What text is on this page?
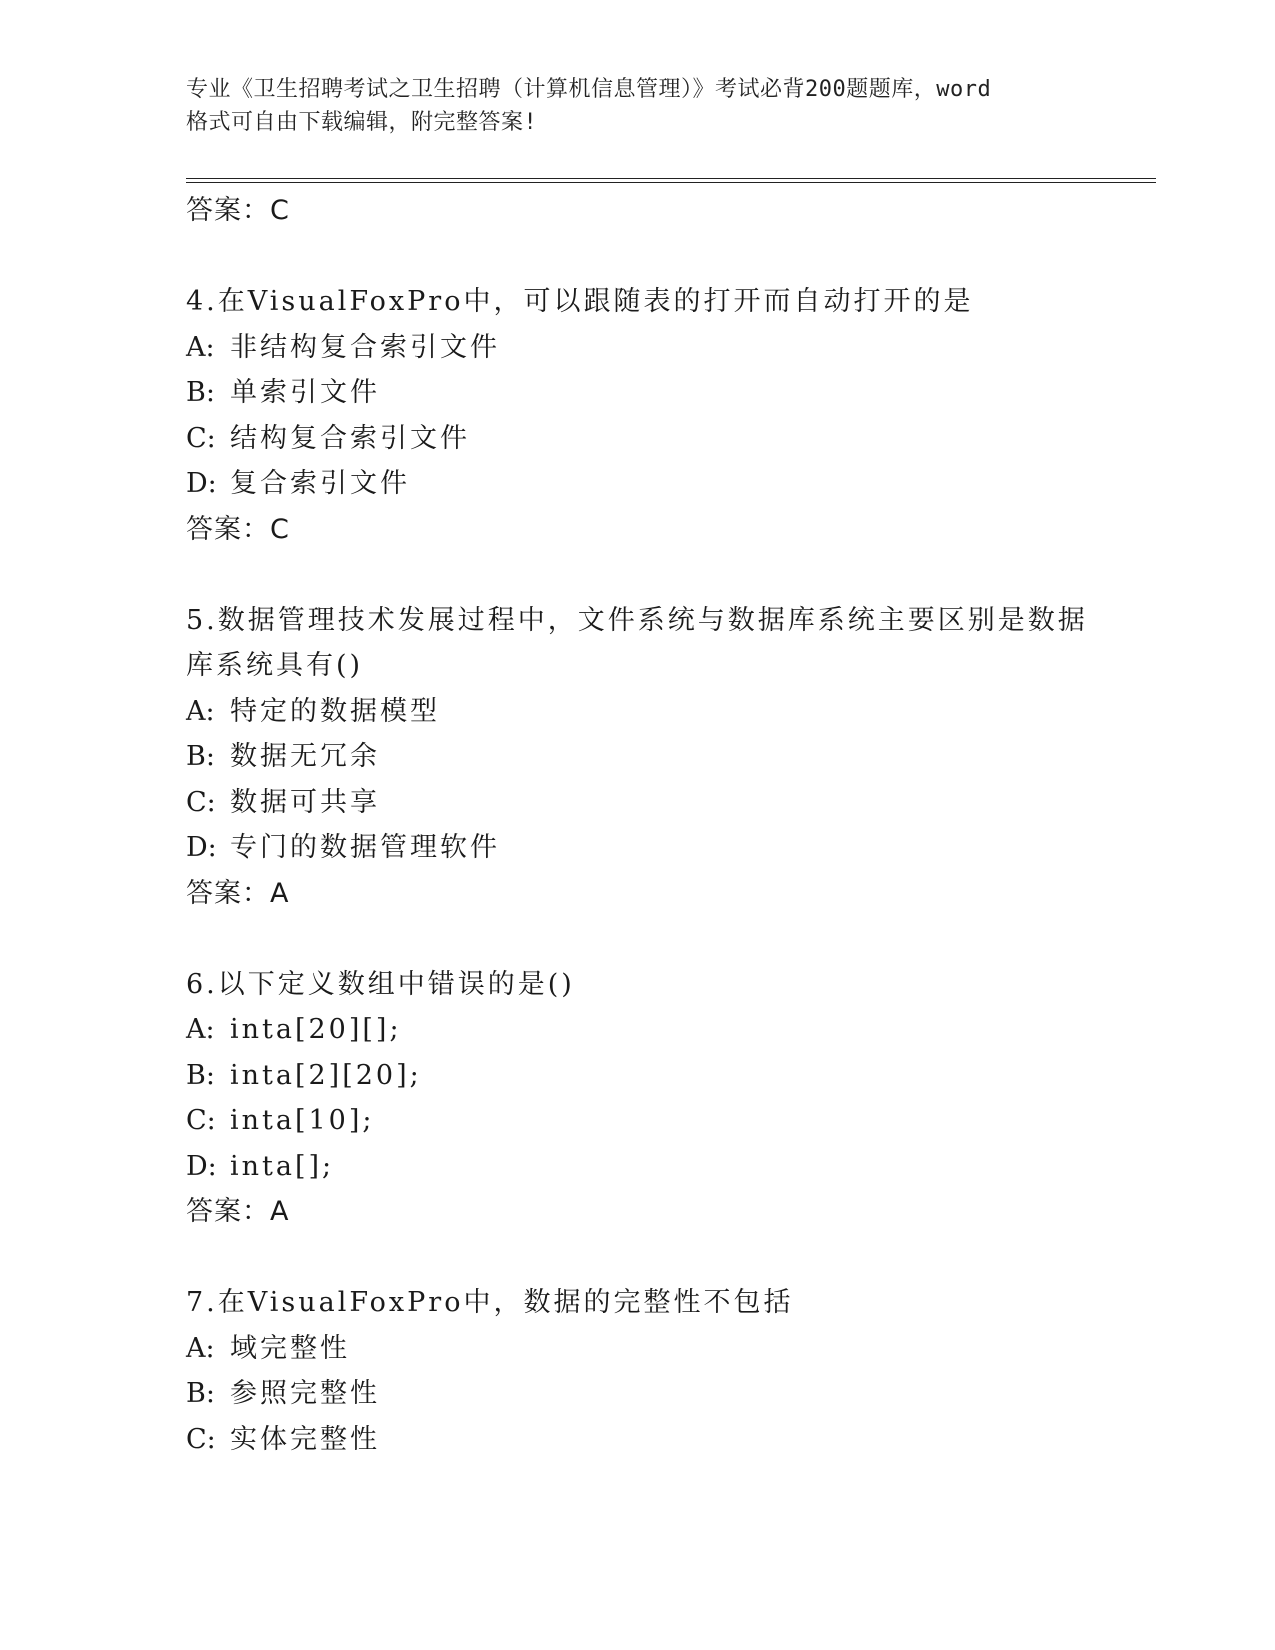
专业《卫生招聘考试之卫生招聘（计算机信息管理）》考试必背200题题库，word
格式可自由下载编辑，附完整答案!
答案：C
4.在VisualFoxPro中，可以跟随表的打开而自动打开的是
A: 非结构复合索引文件
B: 单索引文件
C: 结构复合索引文件
D: 复合索引文件
答案：C
5.数据管理技术发展过程中，文件系统与数据库系统主要区别是数据
库系统具有()
A: 特定的数据模型
B: 数据无冗余
C: 数据可共享
D: 专门的数据管理软件
答案：A
6.以下定义数组中错误的是()
A: inta[20][];
B: inta[2][20];
C: inta[10];
D: inta[];
答案：A
7.在VisualFoxPro中，数据的完整性不包括
A: 域完整性
B: 参照完整性
C: 实体完整性
